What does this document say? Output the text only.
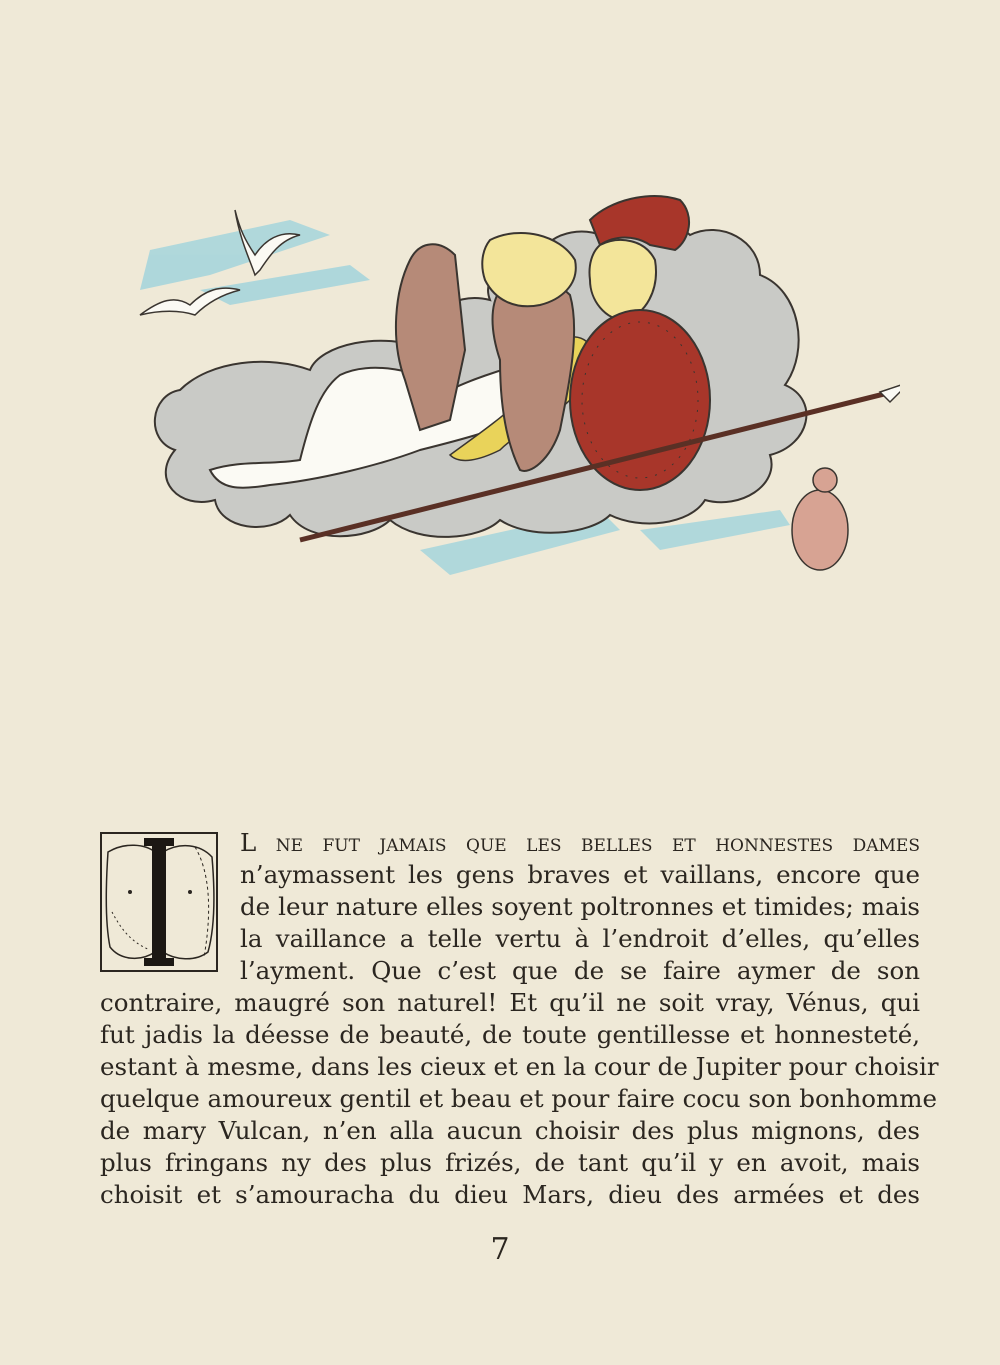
L ne fut jamais que les belles et honnestes dames
n’aymassent les gens braves et vaillans, encore que
de leur nature elles soyent poltronnes et timides; mais
la vaillance a telle vertu à l’endroit d’elles, qu’elles
l’ayment. Que c’est que de se faire aymer de son
contraire, maugré son naturel! Et qu’il ne soit vray, Vénus, qui
fut jadis la déesse de beauté, de toute gentillesse et honnesteté,
estant à mesme, dans les cieux et en la cour de Jupiter pour choisir
quelque amoureux gentil et beau et pour faire cocu son bonhomme
de mary Vulcan, n’en alla aucun choisir des plus mignons, des
plus fringans ny des plus frizés, de tant qu’il y en avoit, mais
choisit et s’amouracha du dieu Mars, dieu des armées et des
7
